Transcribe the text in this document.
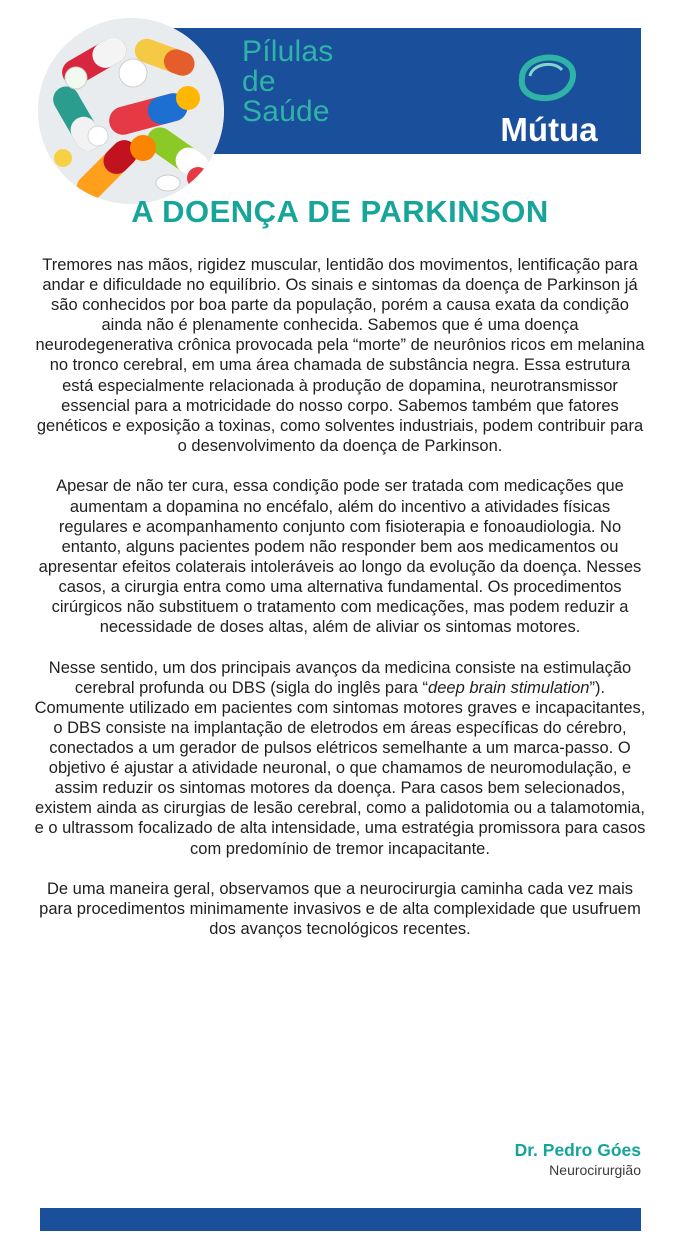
Pílulas
de
Saúde	Mútua
A DOENÇA DE PARKINSON

Tremores nas mãos, rigidez muscular, lentidão dos movimentos, lentificação para andar e dificuldade no equilíbrio. Os sinais e sintomas da doença de Parkinson já são conhecidos por boa parte da população, porém a causa exata da condição ainda não é plenamente conhecida. Sabemos que é uma doença neurodegenerativa crônica provocada pela “morte” de neurônios ricos em melanina no tronco cerebral, em uma área chamada de substância negra. Essa estrutura está especialmente relacionada à produção de dopamina, neurotransmissor essencial para a motricidade do nosso corpo. Sabemos também que fatores genéticos e exposição a toxinas, como solventes industriais, podem contribuir para o desenvolvimento da doença de Parkinson.

Apesar de não ter cura, essa condição pode ser tratada com medicações que aumentam a dopamina no encéfalo, além do incentivo a atividades físicas regulares e acompanhamento conjunto com fisioterapia e fonoaudiologia. No entanto, alguns pacientes podem não responder bem aos medicamentos ou apresentar efeitos colaterais intoleráveis ao longo da evolução da doença. Nesses casos, a cirurgia entra como uma alternativa fundamental. Os procedimentos cirúrgicos não substituem o tratamento com medicações, mas podem reduzir a necessidade de doses altas, além de aliviar os sintomas motores.

Nesse sentido, um dos principais avanços da medicina consiste na estimulação cerebral profunda ou DBS (sigla do inglês para “deep brain stimulation”). Comumente utilizado em pacientes com sintomas motores graves e incapacitantes, o DBS consiste na implantação de eletrodos em áreas específicas do cérebro, conectados a um gerador de pulsos elétricos semelhante a um marca-passo. O objetivo é ajustar a atividade neuronal, o que chamamos de neuromodulação, e assim reduzir os sintomas motores da doença. Para casos bem selecionados, existem ainda as cirurgias de lesão cerebral, como a palidotomia ou a talamotomia, e o ultrassom focalizado de alta intensidade, uma estratégia promissora para casos com predomínio de tremor incapacitante.

De uma maneira geral, observamos que a neurocirurgia caminha cada vez mais para procedimentos minimamente invasivos e de alta complexidade que usufruem dos avanços tecnológicos recentes.

Dr. Pedro Góes
Neurocirurgião
